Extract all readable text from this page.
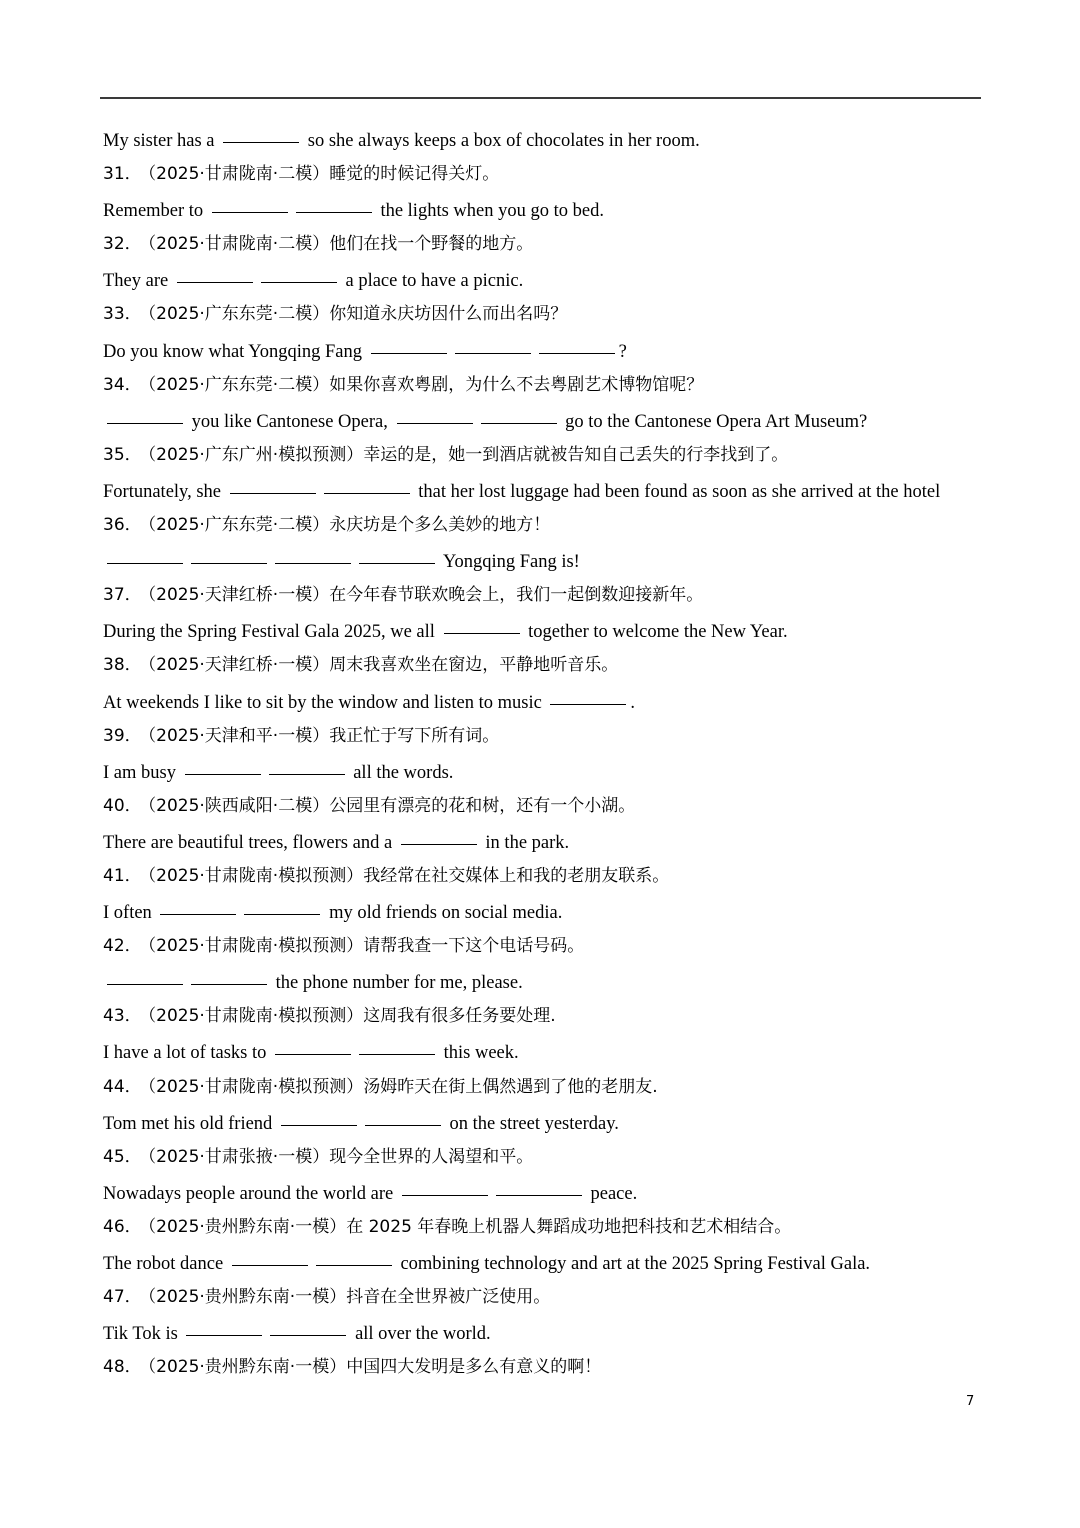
My sister has a	so she always keeps a box of chocolates in her room.
31． （2025·甘肃陇南·二模）睡觉的时候记得关灯。
Remember to	the lights when you go to bed.
32． （2025·甘肃陇南·二模）他们在找一个野餐的地方。
They are	a place to have a picnic.
33． （2025·广东东莞·二模）你知道永庆坊因什么而出名吗？
Do you know what Yongqing Fang	?
34． （2025·广东东莞·二模）如果你喜欢粤剧，为什么不去粤剧艺术博物馆呢？
you like Cantonese Opera,	go to the Cantonese Opera Art Museum?
35． （2025·广东广州·模拟预测）幸运的是，她一到酒店就被告知自己丢失的行李找到了。
Fortunately, she	that her lost luggage had been found as soon as she arrived at the hotel
36． （2025·广东东莞·二模）永庆坊是个多么美妙的地方！
Yongqing Fang is!
37． （2025·天津红桥·一模）在今年春节联欢晚会上，我们一起倒数迎接新年。
During the Spring Festival Gala 2025, we all	together to welcome the New Year.
38． （2025·天津红桥·一模）周末我喜欢坐在窗边，平静地听音乐。
At weekends I like to sit by the window and listen to music	.
39． （2025·天津和平·一模）我正忙于写下所有词。
I am busy	all the words.
40． （2025·陕西咸阳·二模）公园里有漂亮的花和树，还有一个小湖。
There are beautiful trees, flowers and a	in the park.
41． （2025·甘肃陇南·模拟预测）我经常在社交媒体上和我的老朋友联系。
I often	my old friends on social media.
42． （2025·甘肃陇南·模拟预测）请帮我查一下这个电话号码。
the phone number for me, please.
43． （2025·甘肃陇南·模拟预测）这周我有很多任务要处理.
I have a lot of tasks to	this week.
44． （2025·甘肃陇南·模拟预测）汤姆昨天在街上偶然遇到了他的老朋友.
Tom met his old friend	on the street yesterday.
45． （2025·甘肃张掖·一模）现今全世界的人渴望和平。
Nowadays people around the world are	peace.
46． （2025·贵州黔东南·一模）在 2025 年春晚上机器人舞蹈成功地把科技和艺术相结合。
The robot dance	combining technology and art at the 2025 Spring Festival Gala.
47． （2025·贵州黔东南·一模）抖音在全世界被广泛使用。
Tik Tok is	all over the world.
48． （2025·贵州黔东南·一模）中国四大发明是多么有意义的啊！
7
